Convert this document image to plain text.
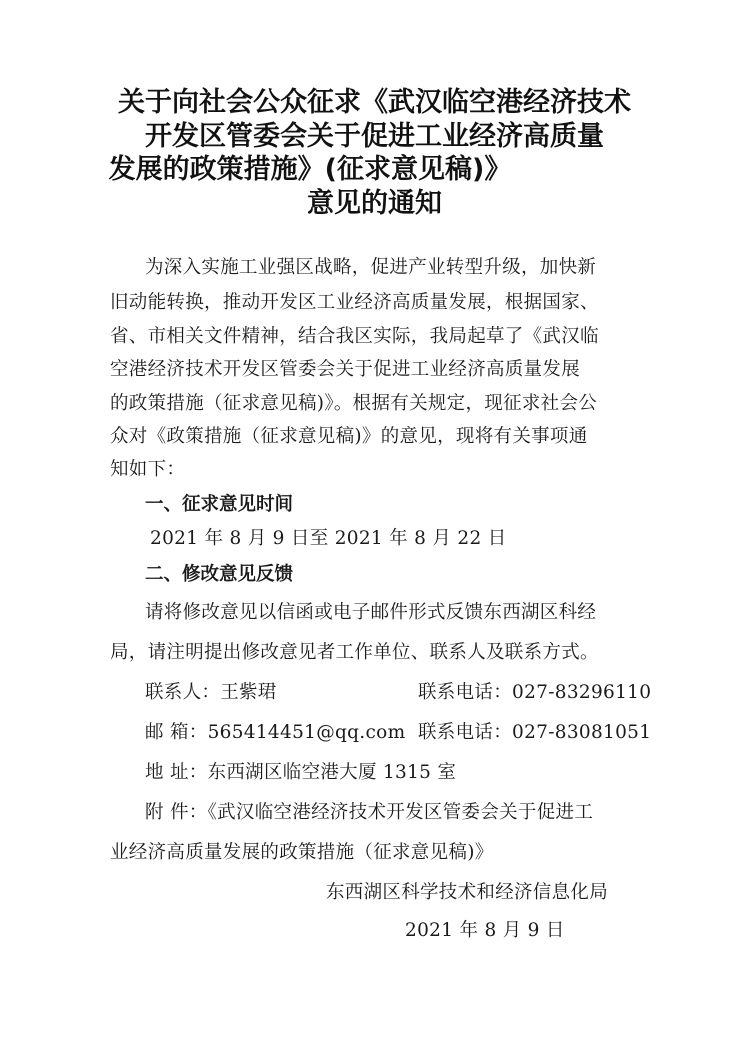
关于向社会公众征求《武汉临空港经济技术
开发区管委会关于促进工业经济高质量
发展的政策措施》(征求意见稿)》
意见的通知
为深入实施工业强区战略，促进产业转型升级，加快新
旧动能转换，推动开发区工业经济高质量发展，根据国家、
省、市相关文件精神，结合我区实际，我局起草了《武汉临
空港经济技术开发区管委会关于促进工业经济高质量发展
的政策措施（征求意见稿)》。根据有关规定，现征求社会公
众对《政策措施（征求意见稿)》的意见，现将有关事项通
知如下：
一、征求意见时间
2021 年 8 月 9 日至 2021 年 8 月 22 日
二、修改意见反馈
请将修改意见以信函或电子邮件形式反馈东西湖区科经
局，请注明提出修改意见者工作单位、联系人及联系方式。
联系人：王紫珺	联系电话：027-83296110
邮 箱：565414451@qq.com 联系电话：027-83081051
地 址：东西湖区临空港大厦 1315 室
附 件：《武汉临空港经济技术开发区管委会关于促进工
业经济高质量发展的政策措施（征求意见稿)》
东西湖区科学技术和经济信息化局
2021 年 8 月 9 日
